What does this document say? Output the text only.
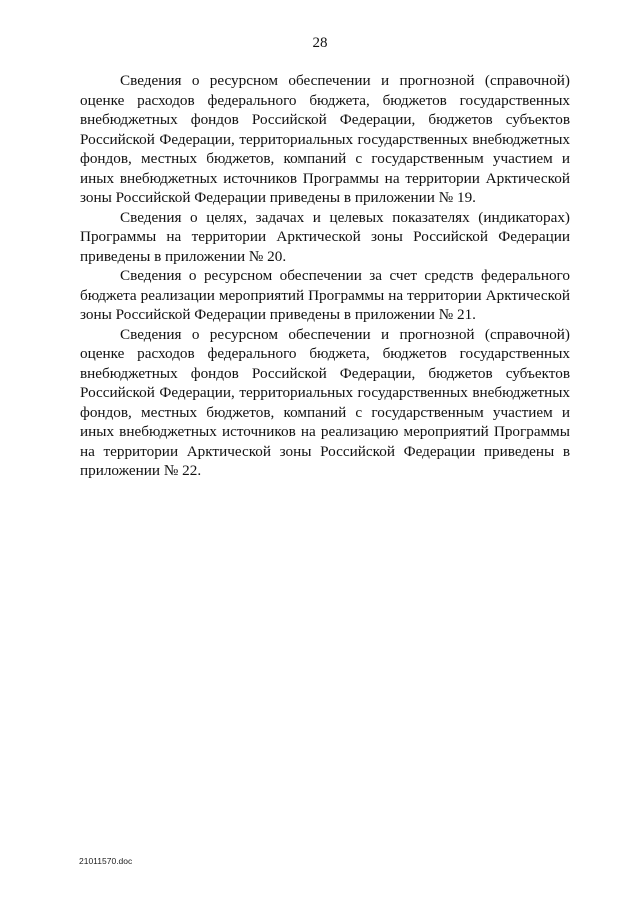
28

Сведения о ресурсном обеспечении и прогнозной (справочной) оценке расходов федерального бюджета, бюджетов государственных внебюджетных фондов Российской Федерации, бюджетов субъектов Российской Федерации, территориальных государственных внебюджетных фондов, местных бюджетов, компаний с государственным участием и иных внебюджетных источников Программы на территории Арктической зоны Российской Федерации приведены в приложении № 19.

Сведения о целях, задачах и целевых показателях (индикаторах) Программы на территории Арктической зоны Российской Федерации приведены в приложении № 20.

Сведения о ресурсном обеспечении за счет средств федерального бюджета реализации мероприятий Программы на территории Арктической зоны Российской Федерации приведены в приложении № 21.

Сведения о ресурсном обеспечении и прогнозной (справочной) оценке расходов федерального бюджета, бюджетов государственных внебюджетных фондов Российской Федерации, бюджетов субъектов Российской Федерации, территориальных государственных внебюджетных фондов, местных бюджетов, компаний с государственным участием и иных внебюджетных источников на реализацию мероприятий Программы на территории Арктической зоны Российской Федерации приведены в приложении № 22.

21011570.doc
